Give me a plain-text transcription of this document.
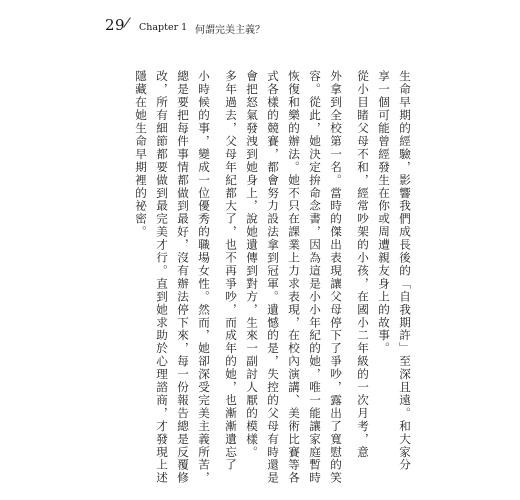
29 Chapter 1 何謂完美主義？

生命早期的經驗，影響我們成長後的「自我期許」至深且遠。和大家分

享一個可能曾經發生在你或周遭親友身上的故事。

從小目睹父母不和，經常吵架的小孩，在國小二年級的一次月考，意

外拿到全校第一名。當時的傑出表現讓父母停下了爭吵，露出了寬慰的笑

容。從此，她決定拚命念書，因為這是小小年紀的她，唯一能讓家庭暫時

恢復和樂的辦法。她不只在課業上力求表現，在校內演講、美術比賽等各

式各樣的競賽，都會努力設法拿到冠軍。遺憾的是，失控的父母有時還是

會把怒氣發洩到她身上，說她遺傳到對方，生來一副討人厭的模樣。

多年過去，父母年紀都大了，也不再爭吵，而成年的她，也漸漸遺忘了

小時候的事，變成一位優秀的職場女性。然而，她卻深受完美主義所苦，

總是要把每件事情都做到最好，沒有辦法停下來，每一份報告總是反覆修

改，所有細節都要做到最完美才行。直到她求助於心理諮商，才發現上述

隱藏在她生命早期裡的祕密。
